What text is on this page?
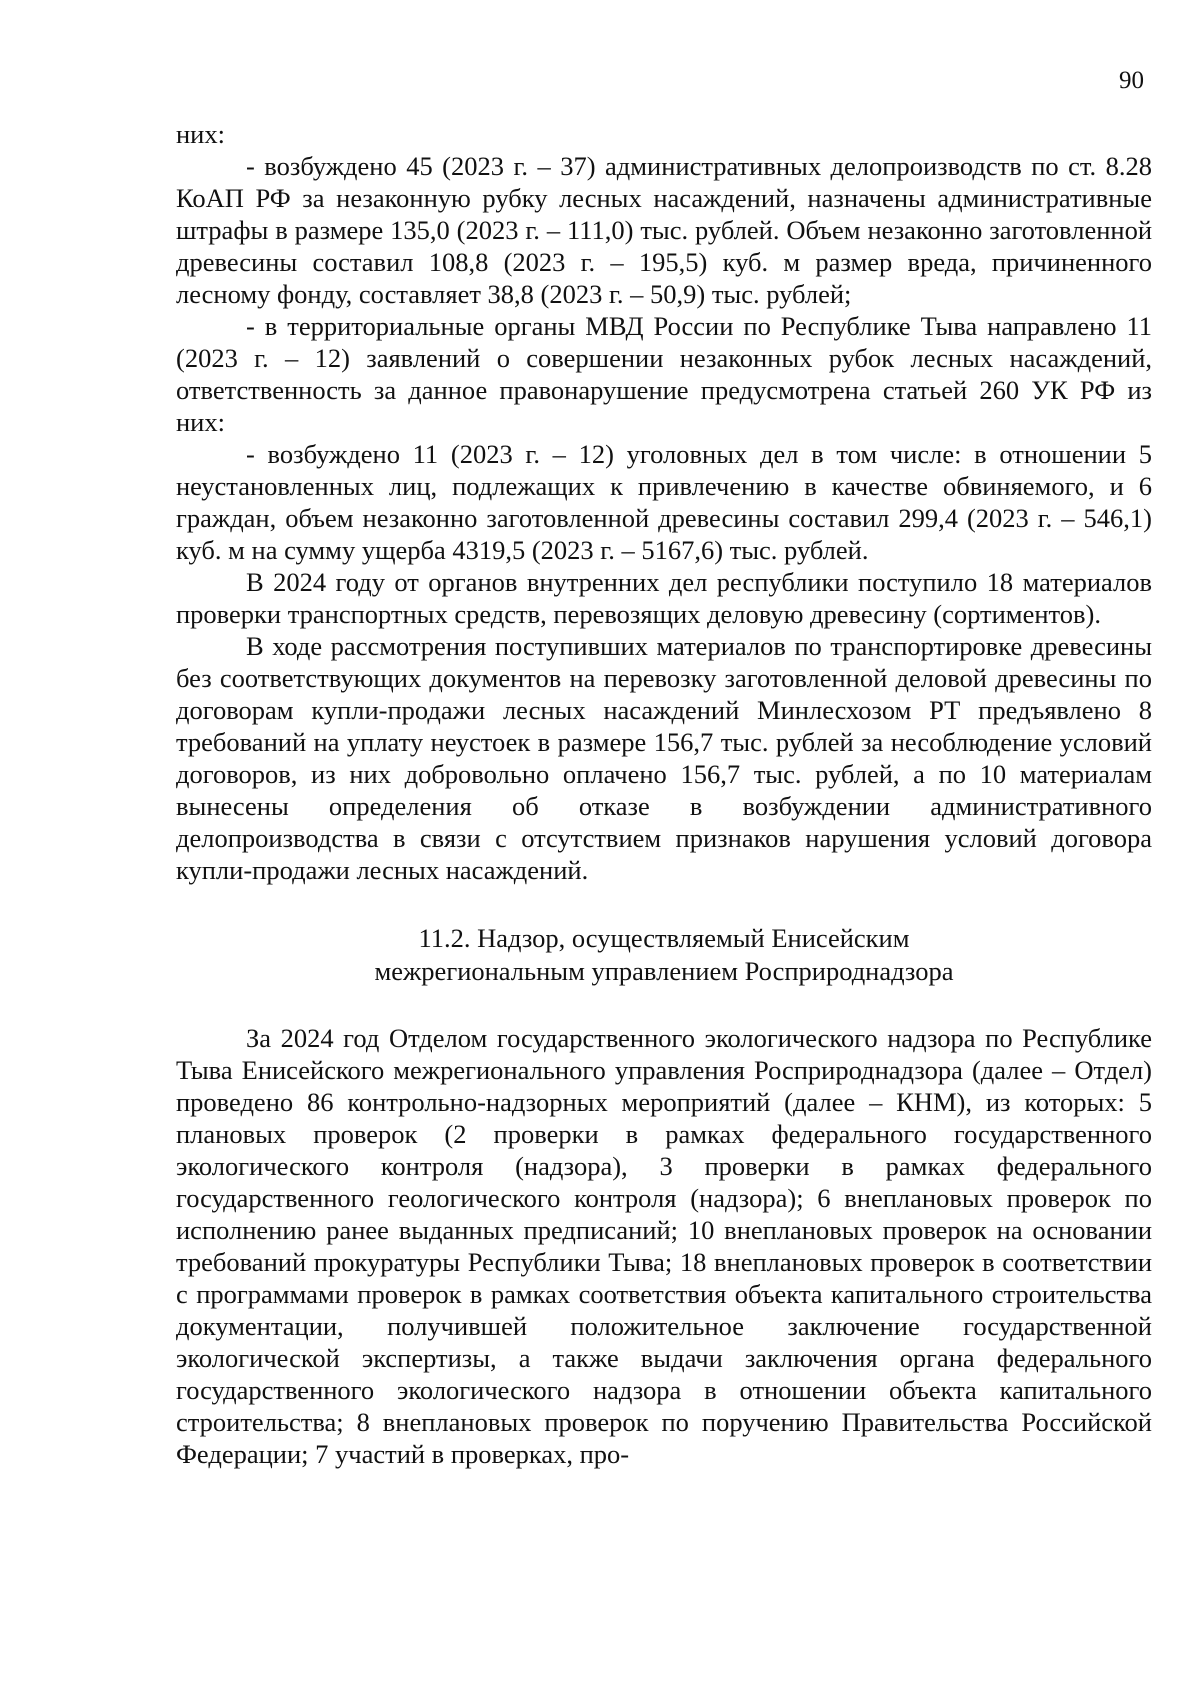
90

них:

- возбуждено 45 (2023 г. – 37) административных делопроизводств по ст. 8.28 КоАП РФ за незаконную рубку лесных насаждений, назначены административные штрафы в размере 135,0 (2023 г. – 111,0) тыс. рублей. Объем незаконно заготовленной древесины составил 108,8 (2023 г. – 195,5) куб. м размер вреда, причиненного лесному фонду, составляет 38,8 (2023 г. – 50,9) тыс. рублей;

- в территориальные органы МВД России по Республике Тыва направлено 11 (2023 г. – 12) заявлений о совершении незаконных рубок лесных насаждений, ответственность за данное правонарушение предусмотрена статьей 260 УК РФ из них:

- возбуждено 11 (2023 г. – 12) уголовных дел в том числе: в отношении 5 неустановленных лиц, подлежащих к привлечению в качестве обвиняемого, и 6 граждан, объем незаконно заготовленной древесины составил 299,4 (2023 г. – 546,1) куб. м на сумму ущерба 4319,5 (2023 г. – 5167,6) тыс. рублей.

В 2024 году от органов внутренних дел республики поступило 18 материалов проверки транспортных средств, перевозящих деловую древесину (сортиментов).

В ходе рассмотрения поступивших материалов по транспортировке древесины без соответствующих документов на перевозку заготовленной деловой древесины по договорам купли-продажи лесных насаждений Минлесхозом РТ предъявлено 8 требований на уплату неустоек в размере 156,7 тыс. рублей за несоблюдение условий договоров, из них добровольно оплачено 156,7 тыс. рублей, а по 10 материалам вынесены определения об отказе в возбуждении административного делопроизводства в связи с отсутствием признаков нарушения условий договора купли-продажи лесных насаждений.

11.2. Надзор, осуществляемый Енисейским
межрегиональным управлением Росприроднадзора

За 2024 год Отделом государственного экологического надзора по Республике Тыва Енисейского межрегионального управления Росприроднадзора (далее – Отдел) проведено 86 контрольно-надзорных мероприятий (далее – КНМ), из которых: 5 плановых проверок (2 проверки в рамках федерального государственного экологического контроля (надзора), 3 проверки в рамках федерального государственного геологического контроля (надзора); 6 внеплановых проверок по исполнению ранее выданных предписаний; 10 внеплановых проверок на основании требований прокуратуры Республики Тыва; 18 внеплановых проверок в соответствии с программами проверок в рамках соответствия объекта капитального строительства документации, получившей положительное заключение государственной экологической экспертизы, а также выдачи заключения органа федерального государственного экологического надзора в отношении объекта капитального строительства; 8 внеплановых проверок по поручению Правительства Российской Федерации; 7 участий в проверках, про-
